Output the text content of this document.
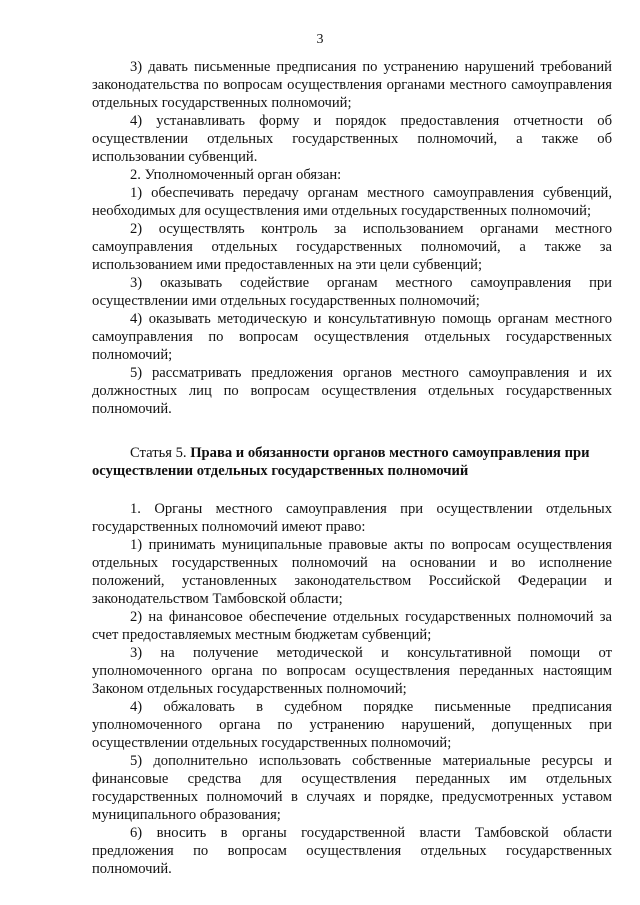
3

3) давать письменные предписания по устранению нарушений требований законодательства по вопросам осуществления органами местного самоуправления отдельных государственных полномочий;

4) устанавливать форму и порядок предоставления отчетности об осуществлении отдельных государственных полномочий, а также об использовании субвенций.

2. Уполномоченный орган обязан:

1) обеспечивать передачу органам местного самоуправления субвенций, необходимых для осуществления ими отдельных государственных полномочий;

2) осуществлять контроль за использованием органами местного самоуправления отдельных государственных полномочий, а также за использованием ими предоставленных на эти цели субвенций;

3) оказывать содействие органам местного самоуправления при осуществлении ими отдельных государственных полномочий;

4) оказывать методическую и консультативную помощь органам местного самоуправления по вопросам осуществления отдельных государственных полномочий;

5) рассматривать предложения органов местного самоуправления и их должностных лиц по вопросам осуществления отдельных государственных полномочий.

Статья 5. Права и обязанности органов местного самоуправления при осуществлении отдельных государственных полномочий

1. Органы местного самоуправления при осуществлении отдельных государственных полномочий имеют право:

1) принимать муниципальные правовые акты по вопросам осуществления отдельных государственных полномочий на основании и во исполнение положений, установленных законодательством Российской Федерации и законодательством Тамбовской области;

2) на финансовое обеспечение отдельных государственных полномочий за счет предоставляемых местным бюджетам субвенций;

3) на получение методической и консультативной помощи от уполномоченного органа по вопросам осуществления переданных настоящим Законом отдельных государственных полномочий;

4) обжаловать в судебном порядке письменные предписания уполномоченного органа по устранению нарушений, допущенных при осуществлении отдельных государственных полномочий;

5) дополнительно использовать собственные материальные ресурсы и финансовые средства для осуществления переданных им отдельных государственных полномочий в случаях и порядке, предусмотренных уставом муниципального образования;

6) вносить в органы государственной власти Тамбовской области предложения по вопросам осуществления отдельных государственных полномочий.
